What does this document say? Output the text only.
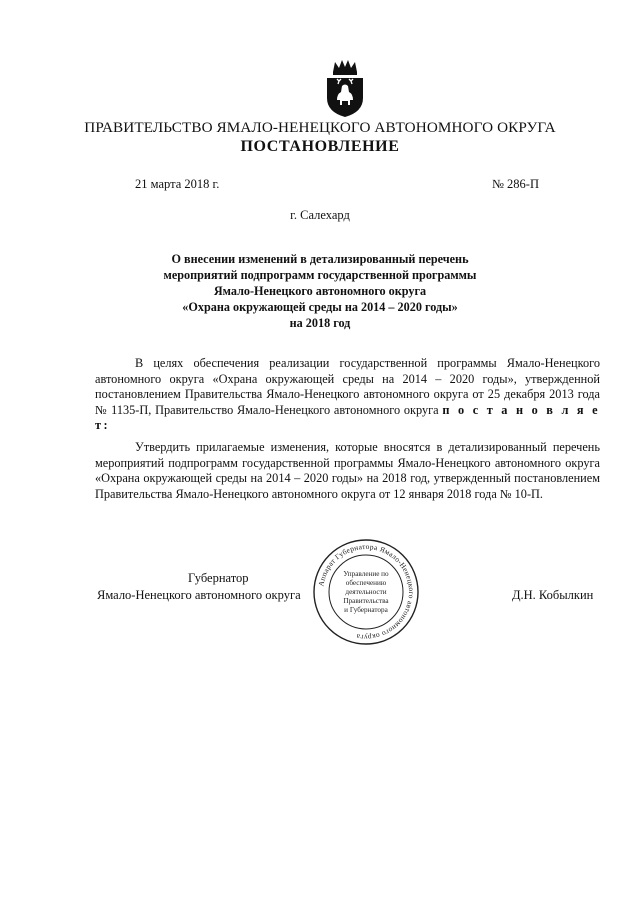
ПРАВИТЕЛЬСТВО ЯМАЛО-НЕНЕЦКОГО АВТОНОМНОГО ОКРУГА
ПОСТАНОВЛЕНИЕ
21 марта 2018 г.	№ 286-П
г. Салехард
О внесении изменений в детализированный перечень
мероприятий подпрограмм государственной программы
Ямало-Ненецкого автономного округа
«Охрана окружающей среды на 2014 – 2020 годы»
на 2018 год
В целях обеспечения реализации государственной программы Ямало-Ненецкого автономного округа «Охрана окружающей среды на 2014 – 2020 годы», утвержденной постановлением Правительства Ямало-Ненецкого автономного округа от 25 декабря 2013 года № 1135-П, Правительство Ямало-Ненецкого автономного округа п о с т а н о в л я е т:
Утвердить прилагаемые изменения, которые вносятся в детализированный перечень мероприятий подпрограмм государственной программы Ямало-Ненецкого автономного округа «Охрана окружающей среды на 2014 – 2020 годы» на 2018 год, утвержденный постановлением Правительства Ямало-Ненецкого автономного округа от 12 января 2018 года № 10-П.
Губернатор
Ямало-Ненецкого автономного округа	Д.Н. Кобылкин
Аппарат Губернатора Ямало-Ненецкого автономного округа
Управление по
обеспечению
деятельности
Правительства
и Губернатора
